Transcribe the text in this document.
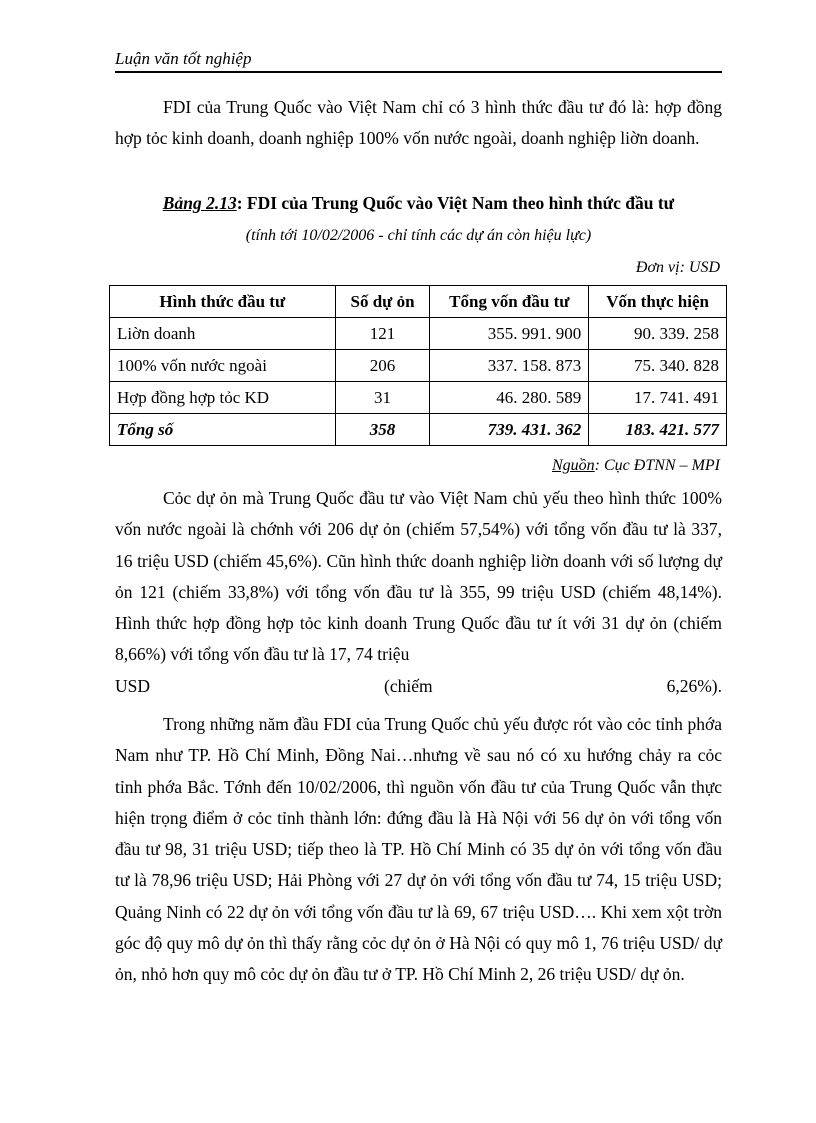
Luận văn tốt nghiệp
FDI của Trung Quốc vào Việt Nam chỉ có 3 hình thức đầu tư đó là: hợp đồng hợp tỏc kinh doanh, doanh nghiệp 100% vốn nước ngoài, doanh nghiệp liờn doanh.
Bảng 2.13: FDI của Trung Quốc vào Việt Nam theo hình thức đầu tư
(tính tới 10/02/2006 - chỉ tính các dự án còn hiệu lực)
Đơn vị: USD
Hình thức đầu tư	Số dự ỏn	Tổng vốn đầu tư	Vốn thực hiện
Liờn doanh	121	355. 991. 900	90. 339. 258
100% vốn nước ngoài	206	337. 158. 873	75. 340. 828
Hợp đồng hợp tỏc KD	31	46. 280. 589	17. 741. 491
Tổng số	358	739. 431. 362	183. 421. 577
Nguồn: Cục ĐTNN – MPI
Cỏc dự ỏn mà Trung Quốc đầu tư vào Việt Nam chủ yếu theo hình thức 100% vốn nước ngoài là chớnh với 206 dự ỏn (chiếm 57,54%) với tổng vốn đầu tư là 337, 16 triệu USD (chiếm 45,6%). Cũn hình thức doanh nghiệp liờn doanh với số lượng dự ỏn 121 (chiếm 33,8%) với tổng vốn đầu tư là 355, 99 triệu USD (chiếm 48,14%). Hình thức hợp đồng hợp tỏc kinh doanh Trung Quốc đầu tư ít với 31 dự ỏn (chiếm 8,66%) với tổng vốn đầu tư là 17, 74 triệu
USD	(chiếm	6,26%).
Trong những năm đầu FDI của Trung Quốc chủ yếu được rót vào cỏc tỉnh phớa Nam như TP. Hồ Chí Minh, Đồng Nai…nhưng về sau nó có xu hướng chảy ra cỏc tỉnh phớa Bắc. Tớnh đến 10/02/2006, thì nguồn vốn đầu tư của Trung Quốc vẫn thực hiện trọng điểm ở cỏc tỉnh thành lớn: đứng đầu là Hà Nội với 56 dự ỏn với tổng vốn đầu tư 98, 31 triệu USD; tiếp theo là TP. Hồ Chí Minh có 35 dự ỏn với tổng vốn đầu tư là 78,96 triệu USD; Hải Phòng với 27 dự ỏn với tổng vốn đầu tư 74, 15 triệu USD; Quảng Ninh có 22 dự ỏn với tổng vốn đầu tư là 69, 67 triệu USD…. Khi xem xột trờn góc độ quy mô dự ỏn thì thấy rằng cỏc dự ỏn ở Hà Nội có quy mô 1, 76 triệu USD/ dự ỏn, nhỏ hơn quy mô cỏc dự ỏn đầu tư ở TP. Hồ Chí Minh 2, 26 triệu USD/ dự ỏn.
